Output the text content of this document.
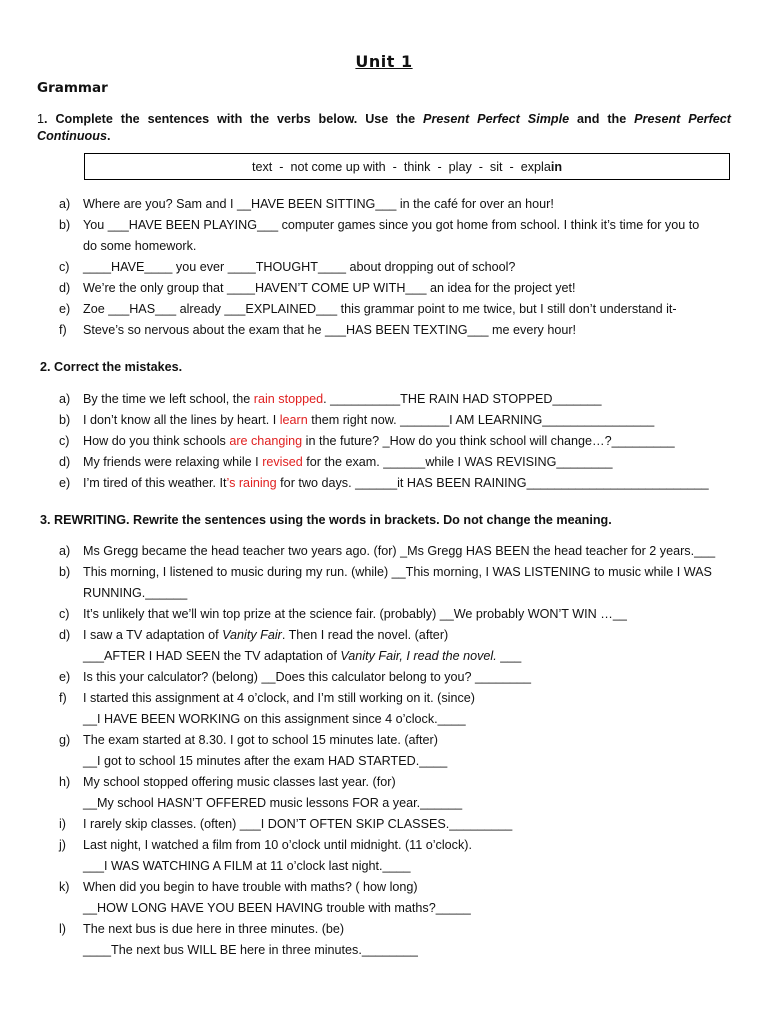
Unit 1
Grammar
1. Complete the sentences with the verbs below. Use the Present Perfect Simple and the Present Perfect Continuous.
text  -  not come up with  -  think  -  play  -  sit  -  expla in
a) Where are you? Sam and I __HAVE BEEN SITTING___ in the café for over an hour!
b) You ___HAVE BEEN PLAYING___ computer games since you got home from school. I think it’s time for you to
do some homework.
c) ____HAVE____ you ever ____THOUGHT____ about dropping out of school?
d) We’re the only group that ____HAVEN’T COME UP WITH___ an idea for the project yet!
e) Zoe ___HAS___ already ___EXPLAINED___ this grammar point to me twice, but I still don’t understand it-
f) Steve’s so nervous about the exam that he ___HAS BEEN TEXTING___ me every hour!
2. Correct the mistakes.
a) By the time we left school, the rain stopped. __________THE RAIN HAD STOPPED_______
b) I don’t know all the lines by heart. I learn them right now. _______I AM LEARNING________________
c) How do you think schools are changing in the future? _How do you think school will change…?_________
d) My friends were relaxing while I revised for the exam. ______while I WAS REVISING________
e) I’m tired of this weather. It’s raining for two days. ______it HAS BEEN RAINING__________________________
3. REWRITING. Rewrite the sentences using the words in brackets. Do not change the meaning.
a) Ms Gregg became the head teacher two years ago. (for) _Ms Gregg HAS BEEN the head teacher for 2 years.___
b) This morning, I listened to music during my run. (while) __This morning, I WAS LISTENING to music while I WAS
RUNNING.______
c) It’s unlikely that we’ll win top prize at the science fair. (probably) __We probably WON’T WIN …__
d) I saw a TV adaptation of Vanity Fair. Then I read the novel. (after)
___AFTER I HAD SEEN the TV adaptation of Vanity Fair, I read the novel. ___
e) Is this your calculator? (belong) __Does this calculator belong to you? ________
f) I started this assignment at 4 o’clock, and I’m still working on it. (since)
__I HAVE BEEN WORKING on this assignment since 4 o’clock.____
g) The exam started at 8.30. I got to school 15 minutes late. (after)
__I got to school 15 minutes after the exam HAD STARTED.____
h) My school stopped offering music classes last year. (for)
__My school HASN’T OFFERED music lessons FOR a year.______
i) I rarely skip classes. (often) ___I DON’T OFTEN SKIP CLASSES._________
j) Last night, I watched a film from 10 o’clock until midnight. (11 o’clock).
___I WAS WATCHING A FILM at 11 o’clock last night.____
k) When did you begin to have trouble with maths? ( how long)
__HOW LONG HAVE YOU BEEN HAVING trouble with maths?_____
l) The next bus is due here in three minutes. (be)
____The next bus WILL BE here in three minutes.________
